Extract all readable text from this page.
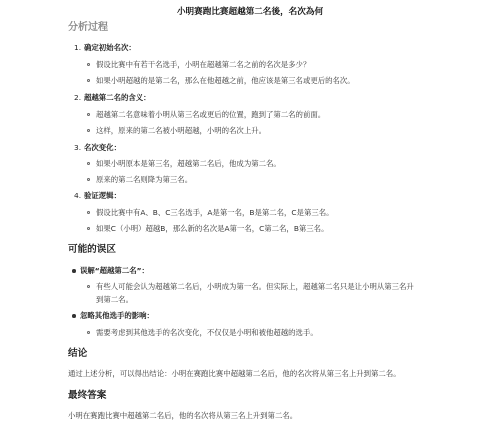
小明赛跑比赛超越第二名後，名次為何
分析过程
1. 确定初始名次：
假设比赛中有若干名选手，小明在超越第二名之前的名次是多少？
如果小明超越的是第二名，那么在他超越之前，他应该是第三名或更后的名次。
2. 超越第二名的含义：
超越第二名意味着小明从第三名或更后的位置，跑到了第二名的前面。
这样，原来的第二名被小明超越，小明的名次上升。
3. 名次变化：
如果小明原本是第三名，超越第二名后，他成为第二名。
原来的第二名则降为第三名。
4. 验证逻辑：
假设比赛中有A、B、C三名选手，A是第一名，B是第二名，C是第三名。
如果C（小明）超越B，那么新的名次是A第一名，C第二名，B第三名。
可能的误区
误解“超越第二名”：
有些人可能会认为超越第二名后，小明成为第一名。但实际上，超越第二名只是让小明从第三名升
到第二名。
忽略其他选手的影响：
需要考虑到其他选手的名次变化，不仅仅是小明和被他超越的选手。
结论
通过上述分析，可以得出结论：小明在赛跑比赛中超越第二名后，他的名次将从第三名上升到第二名。
最终答案
小明在赛跑比赛中超越第二名后，他的名次将从第三名上升到第二名。
